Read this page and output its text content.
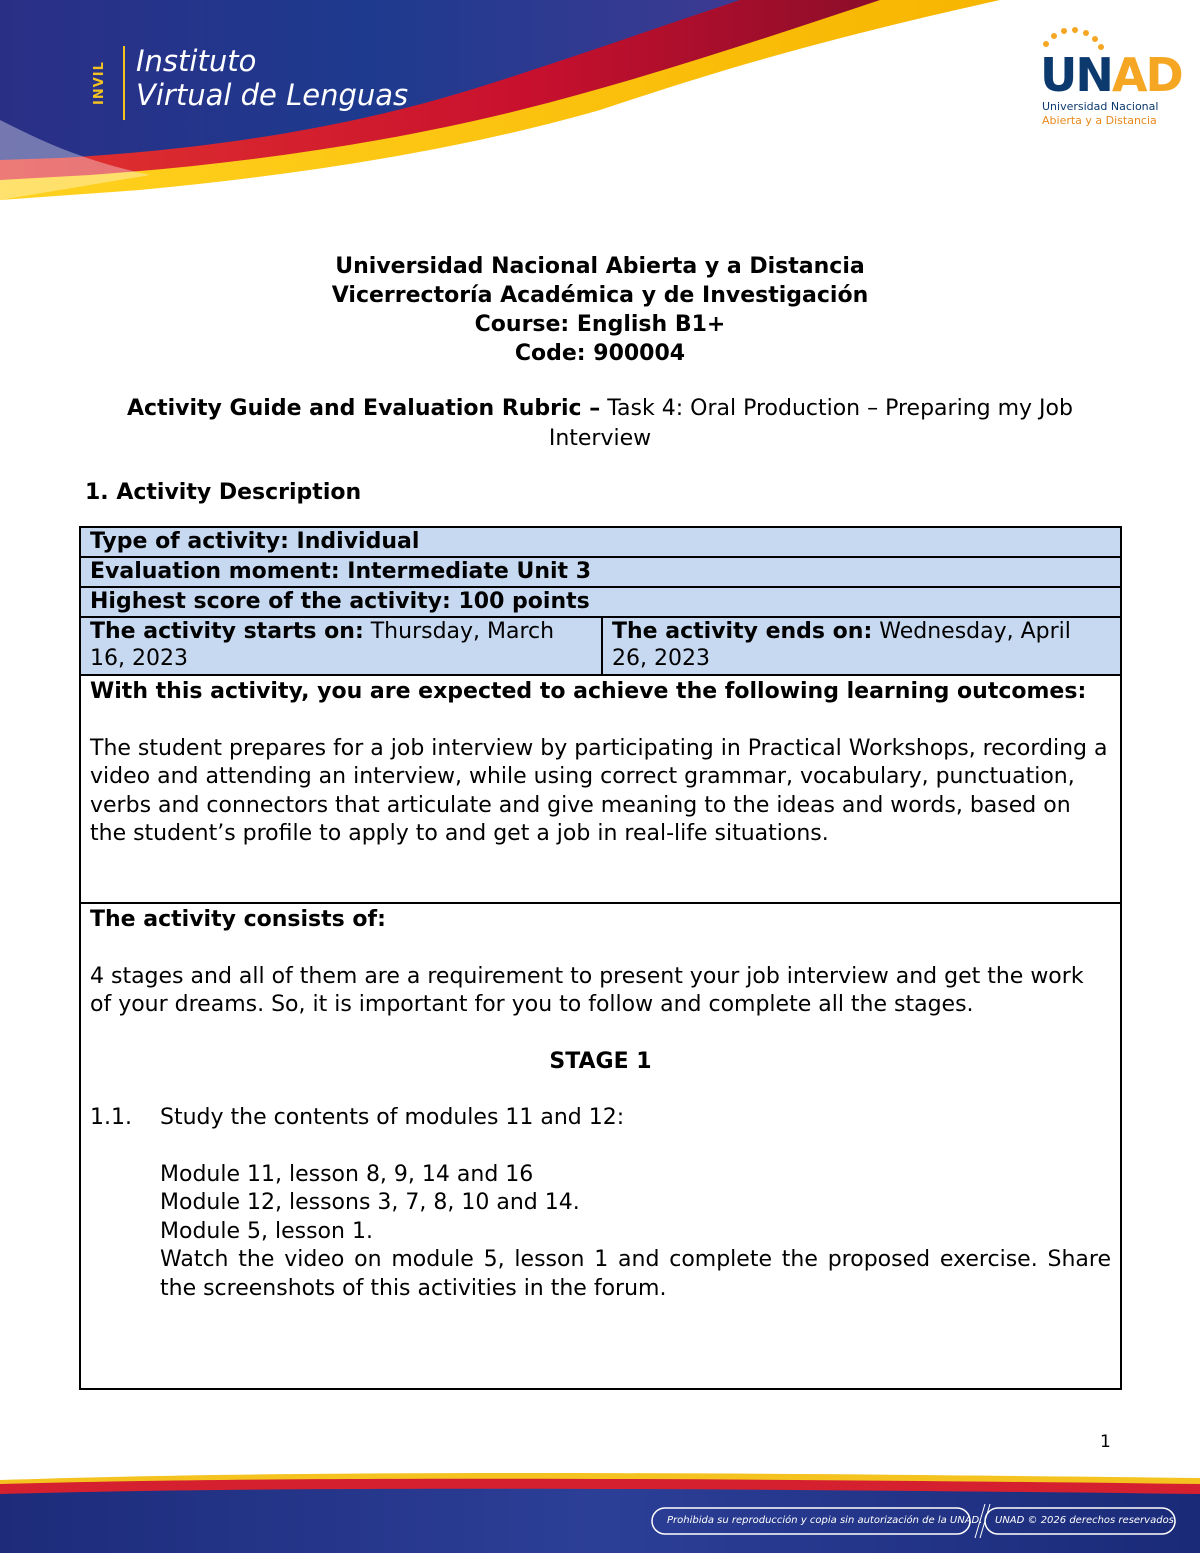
INVIL
Instituto
Virtual de Lenguas	UNAD
Universidad Nacional
Abierta y a Distancia
Universidad Nacional Abierta y a Distancia
Vicerrectoría Académica y de Investigación
Course: English B1+
Code: 900004
Activity Guide and Evaluation Rubric – Task 4: Oral Production – Preparing my Job Interview
1. Activity Description
Type of activity: Individual
Evaluation moment: Intermediate Unit 3
Highest score of the activity: 100 points
The activity starts on: Thursday, March 16, 2023	The activity ends on: Wednesday, April 26, 2023

With this activity, you are expected to achieve the following learning outcomes:

The student prepares for a job interview by participating in Practical Workshops, recording a video and attending an interview, while using correct grammar, vocabulary, punctuation, verbs and connectors that articulate and give meaning to the ideas and words, based on the student’s profile to apply to and get a job in real-life situations.

The activity consists of:

4 stages and all of them are a requirement to present your job interview and get the work of your dreams. So, it is important for you to follow and complete all the stages.

STAGE 1

1.1.	Study the contents of modules 11 and 12:

Module 11, lesson 8, 9, 14 and 16

Module 12, lessons 3, 7, 8, 10 and 14.

Module 5, lesson 1.

Watch the video on module 5, lesson 1 and complete the proposed exercise. Share the screenshots of this activities in the forum.

1
Prohibida su reproducción y copia sin autorización de la UNAD. UNAD © 2026 derechos reservados.
